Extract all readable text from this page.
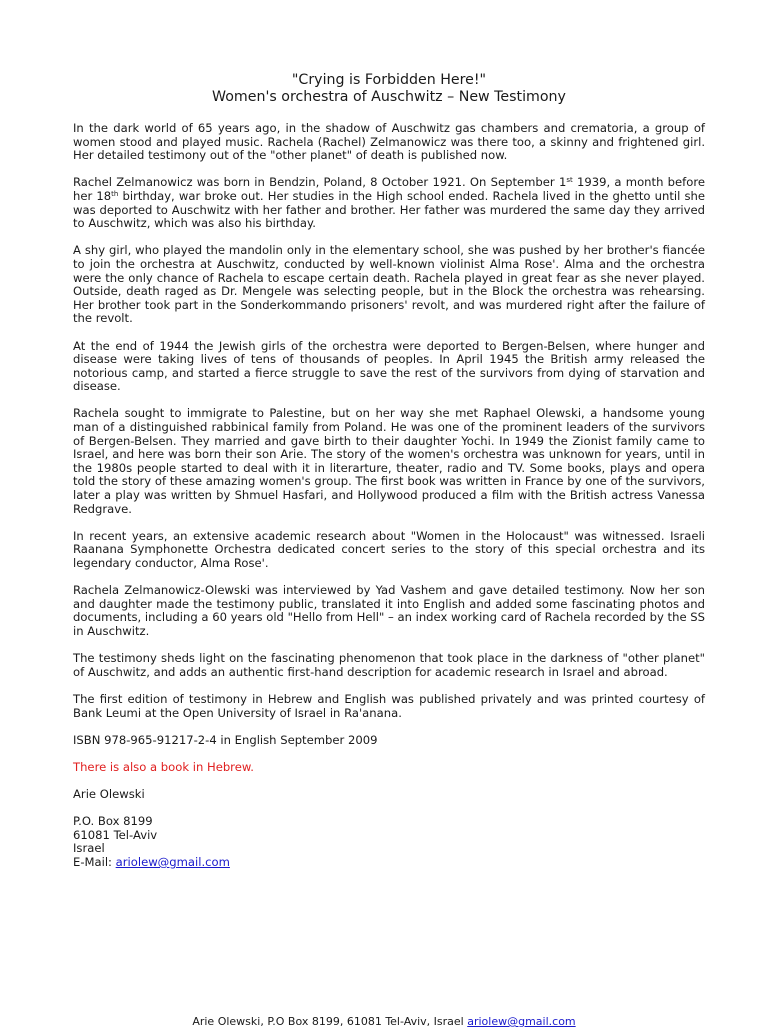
"Crying is Forbidden Here!"
Women's orchestra of Auschwitz – New Testimony

In the dark world of 65 years ago, in the shadow of Auschwitz gas chambers and crematoria, a group of women stood and played music. Rachela (Rachel) Zelmanowicz was there too, a skinny and frightened girl. Her detailed testimony out of the "other planet" of death is published now.

Rachel Zelmanowicz was born in Bendzin, Poland, 8 October 1921. On September 1st 1939, a month before her 18th birthday, war broke out. Her studies in the High school ended. Rachela lived in the ghetto until she was deported to Auschwitz with her father and brother. Her father was murdered the same day they arrived to Auschwitz, which was also his birthday.

A shy girl, who played the mandolin only in the elementary school, she was pushed by her brother's fiancée to join the orchestra at Auschwitz, conducted by well-known violinist Alma Rose'. Alma and the orchestra were the only chance of Rachela to escape certain death. Rachela played in great fear as she never played. Outside, death raged as Dr. Mengele was selecting people, but in the Block the orchestra was rehearsing. Her brother took part in the Sonderkommando prisoners' revolt, and was murdered right after the failure of the revolt.

At the end of 1944 the Jewish girls of the orchestra were deported to Bergen-Belsen, where hunger and disease were taking lives of tens of thousands of peoples. In April 1945 the British army released the notorious camp, and started a fierce struggle to save the rest of the survivors from dying of starvation and disease.

Rachela sought to immigrate to Palestine, but on her way she met Raphael Olewski, a handsome young man of a distinguished rabbinical family from Poland. He was one of the prominent leaders of the survivors of Bergen-Belsen. They married and gave birth to their daughter Yochi. In 1949 the Zionist family came to Israel, and here was born their son Arie. The story of the women's orchestra was unknown for years, until in the 1980s people started to deal with it in literarture, theater, radio and TV. Some books, plays and opera told the story of these amazing women's group. The first book was written in France by one of the survivors, later a play was written by Shmuel Hasfari, and Hollywood produced a film with the British actress Vanessa Redgrave.

In recent years, an extensive academic research about "Women in the Holocaust" was witnessed. Israeli Raanana Symphonette Orchestra dedicated concert series to the story of this special orchestra and its legendary conductor, Alma Rose'.

Rachela Zelmanowicz-Olewski was interviewed by Yad Vashem and gave detailed testimony. Now her son and daughter made the testimony public, translated it into English and added some fascinating photos and documents, including a 60 years old "Hello from Hell" – an index working card of Rachela recorded by the SS in Auschwitz.

The testimony sheds light on the fascinating phenomenon that took place in the darkness of "other planet" of Auschwitz, and adds an authentic first-hand description for academic research in Israel and abroad.

The first edition of testimony in Hebrew and English was published privately and was printed courtesy of Bank Leumi at the Open University of Israel in Ra'anana.

ISBN 978-965-91217-2-4 in English September 2009

There is also a book in Hebrew.

Arie Olewski

P.O. Box 8199
61081 Tel-Aviv
Israel
E-Mail: ariolew@gmail.com

Arie Olewski, P.O Box 8199, 61081 Tel-Aviv, Israel ariolew@gmail.com
